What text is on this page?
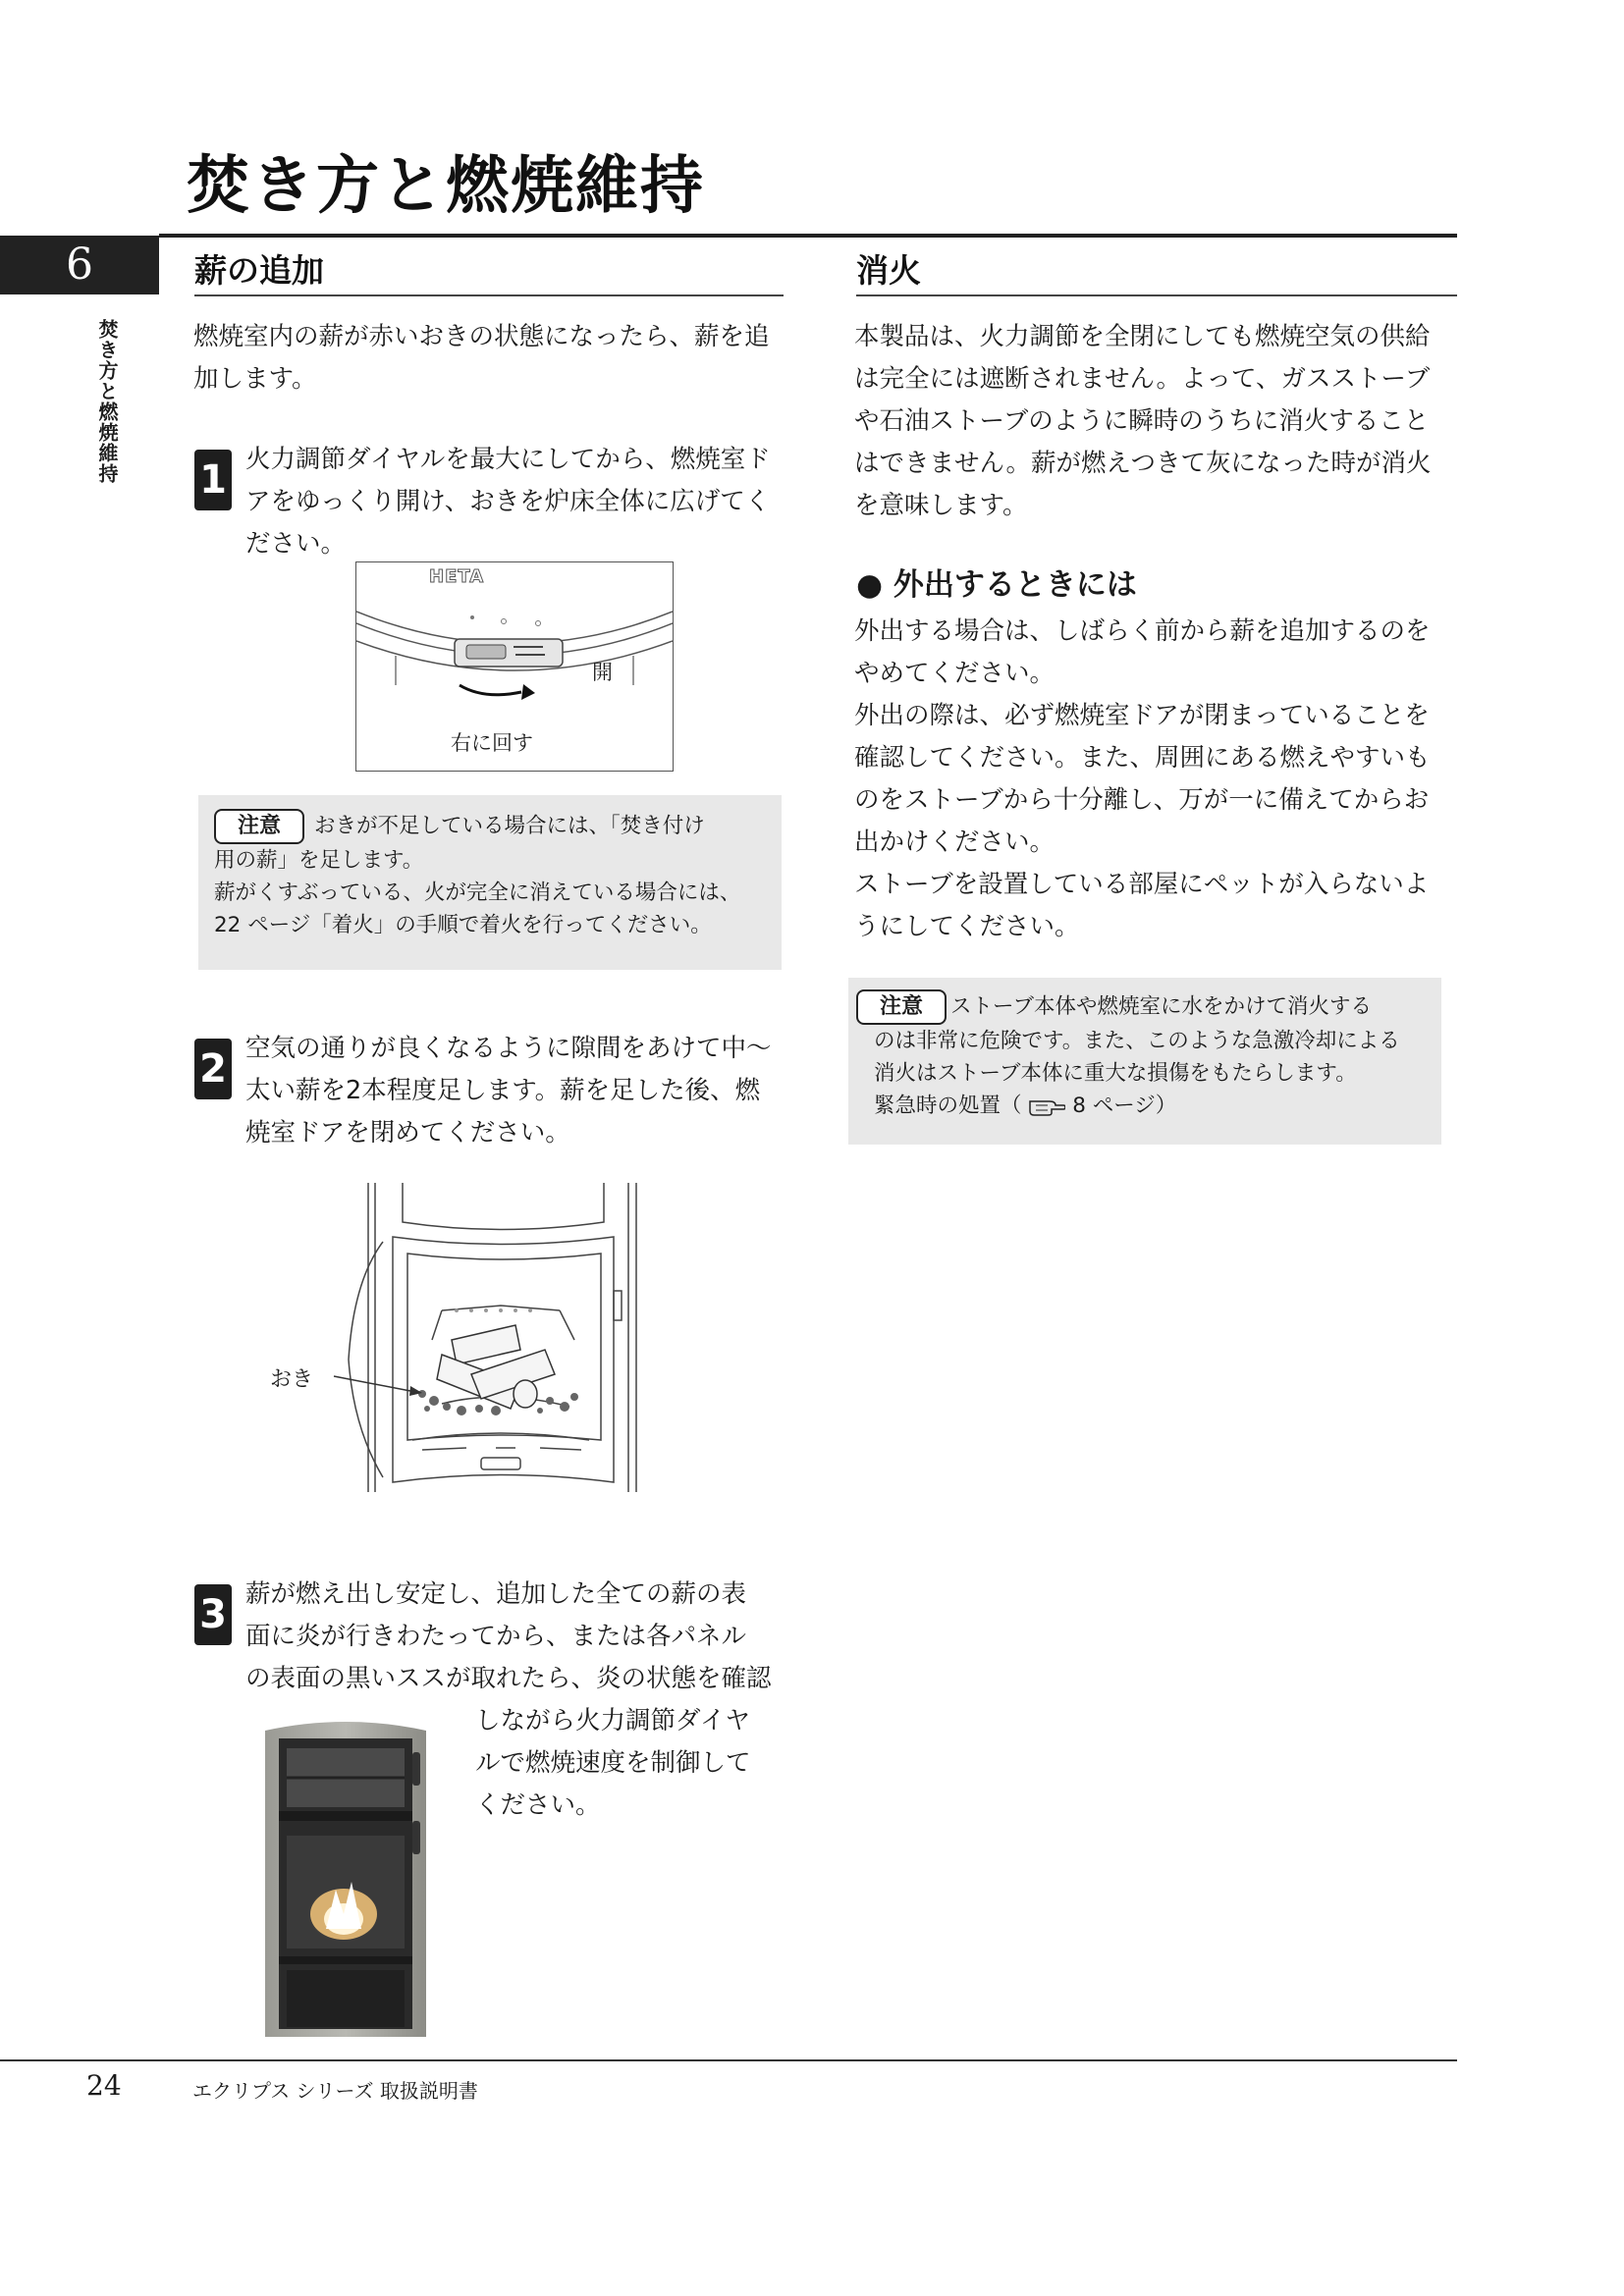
焚き方と燃焼維持
6
焚き方と燃焼維持
薪の追加
燃焼室内の薪が赤いおきの状態になったら、薪を追
加します。
1 火力調節ダイヤルを最大にしてから、燃焼室ド
アをゆっくり開け、おきを炉床全体に広げてく
ださい。
HETA
開
右に回す
注意 おきが不足している場合には、「焚き付け
用の薪」を足します。
薪がくすぶっている、火が完全に消えている場合には、
22 ページ「着火」の手順で着火を行ってください。
2 空気の通りが良くなるように隙間をあけて中〜
太い薪を2本程度足します。薪を足した後、燃
焼室ドアを閉めてください。
おき
3 薪が燃え出し安定し、追加した全ての薪の表
面に炎が行きわたってから、または各パネル
の表面の黒いススが取れたら、炎の状態を確認
しながら火力調節ダイヤ
ルで燃焼速度を制御して
ください。
消火
本製品は、火力調節を全閉にしても燃焼空気の供給
は完全には遮断されません。よって、ガスストーブ
や石油ストーブのように瞬時のうちに消火すること
はできません。薪が燃えつきて灰になった時が消火
を意味します。
● 外出するときには
外出する場合は、しばらく前から薪を追加するのを
やめてください。
外出の際は、必ず燃焼室ドアが閉まっていることを
確認してください。また、周囲にある燃えやすいも
のをストーブから十分離し、万が一に備えてからお
出かけください。
ストーブを設置している部屋にペットが入らないよ
うにしてください。
注意 ストーブ本体や燃焼室に水をかけて消火する
のは非常に危険です。また、このような急激冷却による
消火はストーブ本体に重大な損傷をもたらします。
緊急時の処置（ 8 ページ）
24	エクリプス シリーズ 取扱説明書
